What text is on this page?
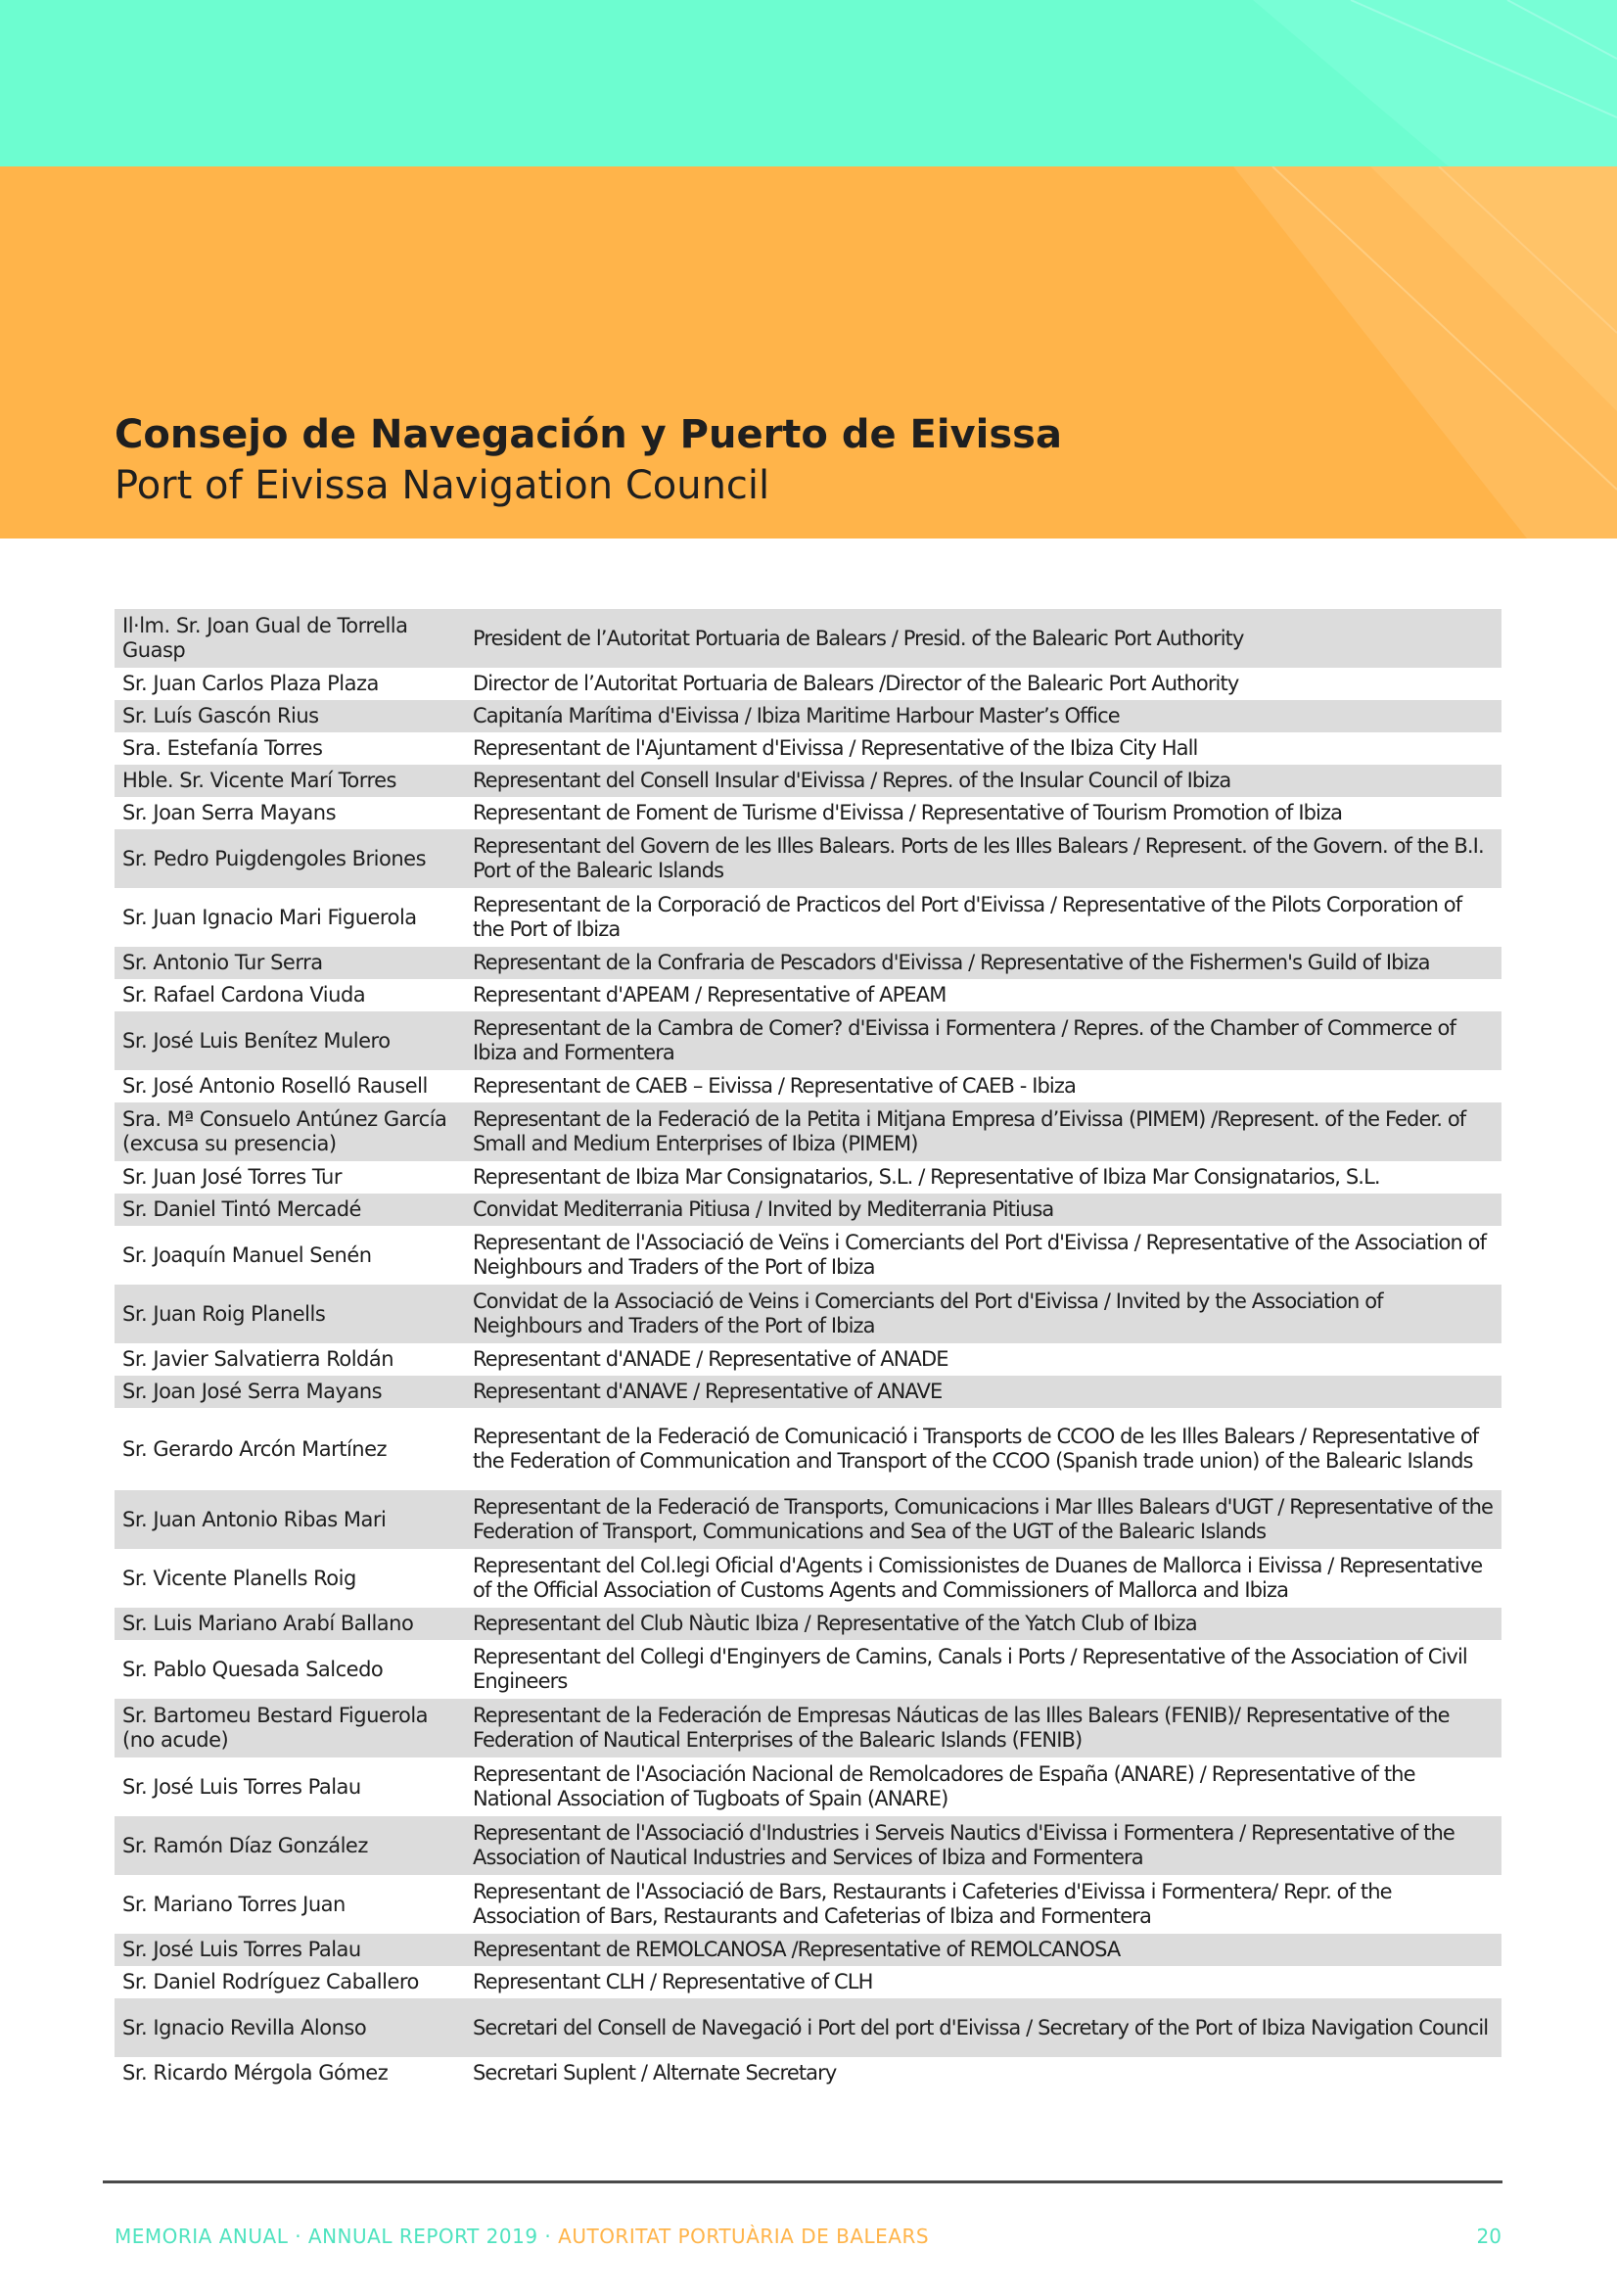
Consejo de Navegación y Puerto de Eivissa
Port of Eivissa Navigation Council
Il·lm. Sr. Joan Gual de Torrella Guasp	President de l’Autoritat Portuaria de Balears / Presid. of the Balearic Port Authority
Sr. Juan Carlos Plaza Plaza	Director de l’Autoritat Portuaria de Balears /Director of the Balearic Port Authority
Sr. Luís Gascón Rius	Capitanía Marítima d'Eivissa / Ibiza Maritime Harbour Master’s Office
Sra. Estefanía Torres	Representant de l'Ajuntament d'Eivissa / Representative of the Ibiza City Hall
Hble. Sr. Vicente Marí Torres	Representant del Consell Insular d'Eivissa / Repres. of the Insular Council of Ibiza
Sr. Joan Serra Mayans	Representant de Foment de Turisme d'Eivissa / Representative of Tourism Promotion of Ibiza
Sr. Pedro Puigdengoles Briones	Representant del Govern de les Illes Balears. Ports de les Illes Balears / Represent. of the Govern. of the B.I. Port of the Balearic Islands
Sr. Juan Ignacio Mari Figuerola	Representant de la Corporació de Practicos del Port d'Eivissa / Representative of the Pilots Corporation of the Port of Ibiza
Sr. Antonio Tur Serra	Representant de la Confraria de Pescadors d'Eivissa / Representative of the Fishermen's Guild of Ibiza
Sr. Rafael Cardona Viuda	Representant d'APEAM / Representative of APEAM
Sr. José Luis Benítez Mulero	Representant de la Cambra de Comer? d'Eivissa i Formentera / Repres. of the Chamber of Commerce of Ibiza and Formentera
Sr. José Antonio Roselló Rausell	Representant de CAEB – Eivissa / Representative of CAEB - Ibiza
Sra. Mª Consuelo Antúnez García (excusa su presencia)	Representant de la Federació de la Petita i Mitjana Empresa d’Eivissa (PIMEM) /Represent. of the Feder. of Small and Medium Enterprises of Ibiza (PIMEM)
Sr. Juan José Torres Tur	Representant de Ibiza Mar Consignatarios, S.L. / Representative of Ibiza Mar Consignatarios, S.L.
Sr. Daniel Tintó Mercadé	Convidat Mediterrania Pitiusa / Invited by Mediterrania Pitiusa
Sr. Joaquín Manuel Senén	Representant de l'Associació de Veïns i Comerciants del Port d'Eivissa / Representative of the Association of Neighbours and Traders of the Port of Ibiza
Sr. Juan Roig Planells	Convidat de la Associació de Veins i Comerciants del Port d'Eivissa / Invited by the Association of Neighbours and Traders of the Port of Ibiza
Sr. Javier Salvatierra Roldán	Representant d'ANADE / Representative of ANADE
Sr. Joan José Serra Mayans	Representant d'ANAVE / Representative of ANAVE
Sr. Gerardo Arcón Martínez	Representant de la Federació de Comunicació i Transports de CCOO de les Illes Balears / Representative of the Federation of Communication and Transport of the CCOO (Spanish trade union) of the Balearic Islands
Sr. Juan Antonio Ribas Mari	Representant de la Federació de Transports, Comunicacions i Mar Illes Balears d'UGT / Representative of the Federation of Transport, Communications and Sea of the UGT of the Balearic Islands
Sr. Vicente Planells Roig	Representant del Col.legi Oficial d'Agents i Comissionistes de Duanes de Mallorca i Eivissa / Representative of the Official Association of Customs Agents and Commissioners of Mallorca and Ibiza
Sr. Luis Mariano Arabí Ballano	Representant del Club Nàutic Ibiza / Representative of the Yatch Club of Ibiza
Sr. Pablo Quesada Salcedo	Representant del Collegi d'Enginyers de Camins, Canals i Ports / Representative of the Association of Civil Engineers
Sr. Bartomeu Bestard Figuerola (no acude)	Representant de la Federación de Empresas Náuticas de las Illes Balears (FENIB)/ Representative of the Federation of Nautical Enterprises of the Balearic Islands (FENIB)
Sr. José Luis Torres Palau	Representant de l'Asociación Nacional de Remolcadores de España (ANARE) / Representative of the National Association of Tugboats of Spain (ANARE)
Sr. Ramón Díaz González	Representant de l'Associació d'Industries i Serveis Nautics d'Eivissa i Formentera / Representative of the Association of Nautical Industries and Services of Ibiza and Formentera
Sr. Mariano Torres Juan	Representant de l'Associació de Bars, Restaurants i Cafeteries d'Eivissa i Formentera/ Repr. of the Association of Bars, Restaurants and Cafeterias of Ibiza and Formentera
Sr. José Luis Torres Palau	Representant de REMOLCANOSA /Representative of REMOLCANOSA
Sr. Daniel Rodríguez Caballero	Representant CLH / Representative of CLH
Sr. Ignacio Revilla Alonso	Secretari del Consell de Navegació i Port del port d'Eivissa / Secretary of the Port of Ibiza Navigation Council
Sr. Ricardo Mérgola Gómez	Secretari Suplent / Alternate Secretary
MEMORIA ANUAL · ANNUAL REPORT 2019 · AUTORITAT PORTUÀRIA DE BALEARS	20
